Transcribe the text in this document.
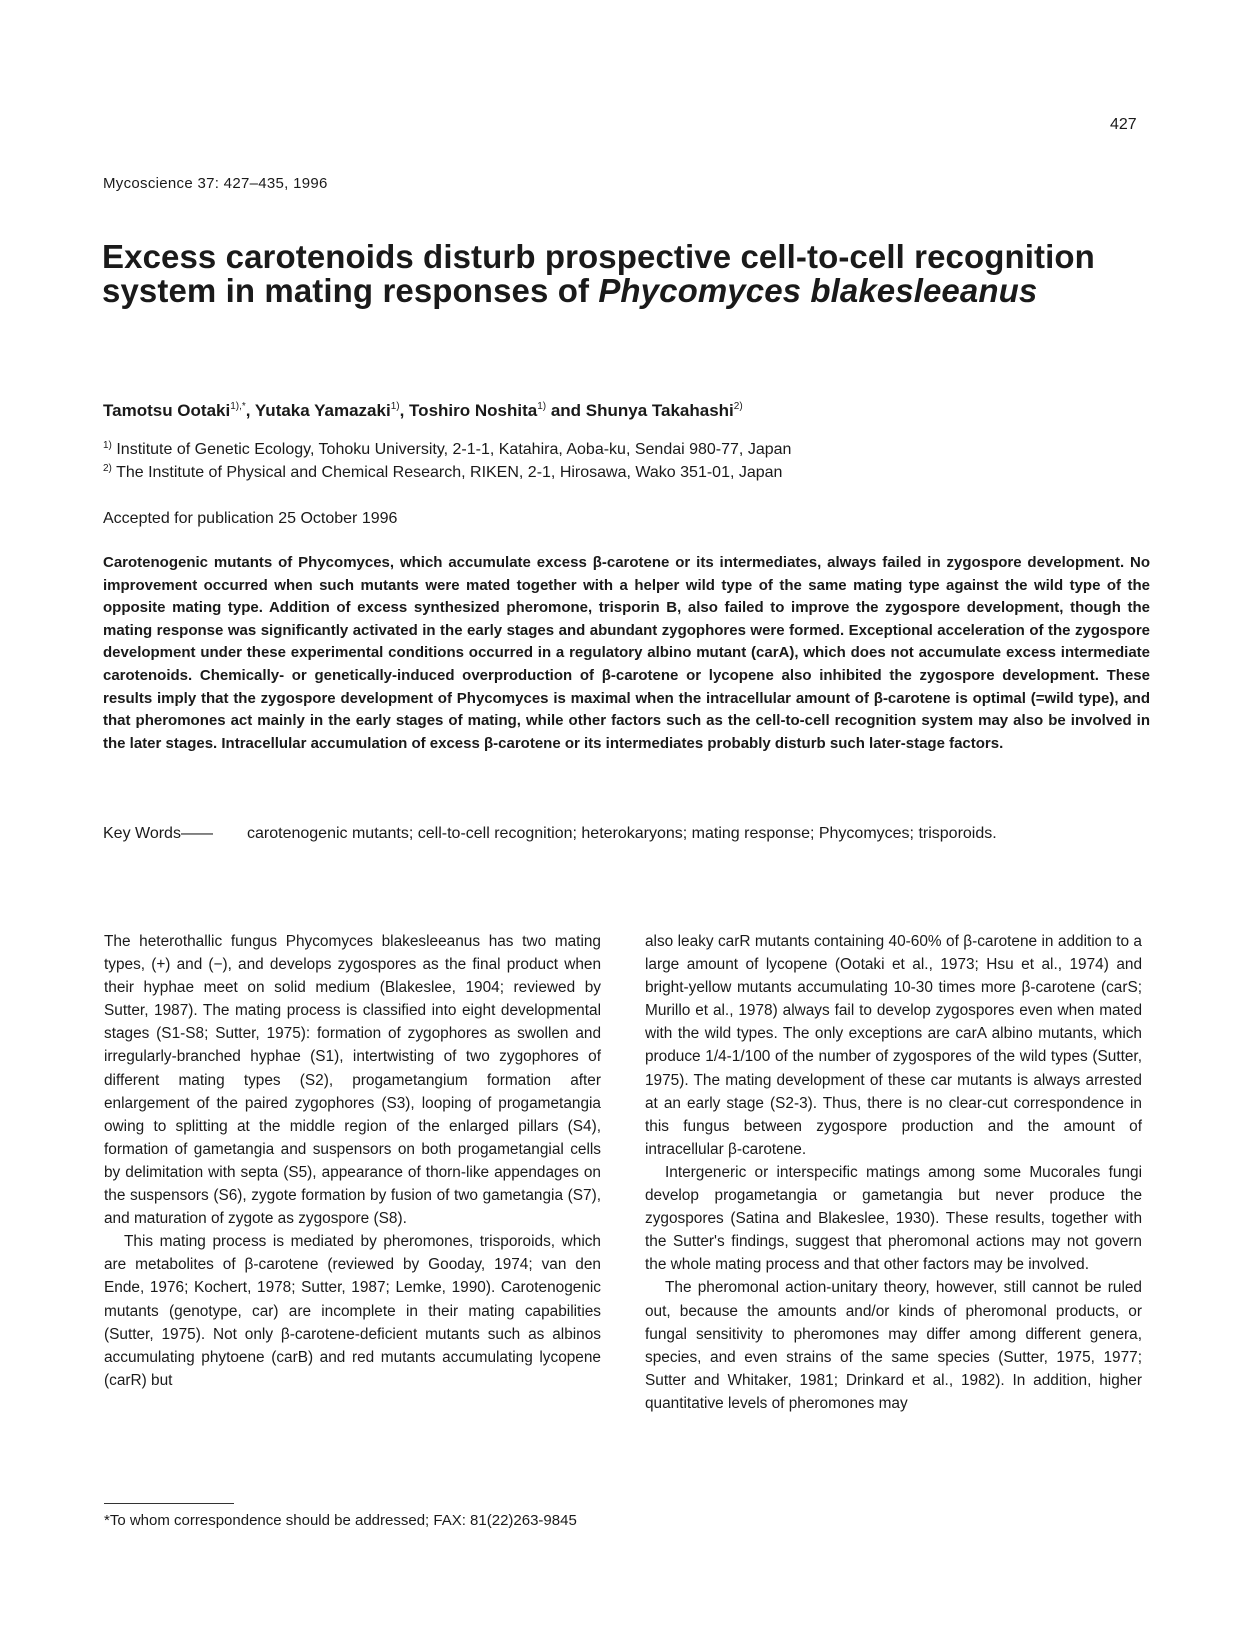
427
Mycoscience 37: 427–435, 1996
Excess carotenoids disturb prospective cell-to-cell recognition system in mating responses of Phycomyces blakesleeanus
Tamotsu Ootaki$^{1),*}$, Yutaka Yamazaki$^{1)}$, Toshiro Noshita$^{1)}$ and Shunya Takahashi$^{2)}$
$^{1)}$ Institute of Genetic Ecology, Tohoku University, 2-1-1, Katahira, Aoba-ku, Sendai 980-77, Japan
$^{2)}$ The Institute of Physical and Chemical Research, RIKEN, 2-1, Hirosawa, Wako 351-01, Japan
Accepted for publication 25 October 1996
Carotenogenic mutants of Phycomyces, which accumulate excess β-carotene or its intermediates, always failed in zygospore development. No improvement occurred when such mutants were mated together with a helper wild type of the same mating type against the wild type of the opposite mating type. Addition of excess synthesized pheromone, trisporin B, also failed to improve the zygospore development, though the mating response was significantly activated in the early stages and abundant zygophores were formed. Exceptional acceleration of the zygospore development under these experimental conditions occurred in a regulatory albino mutant (carA), which does not accumulate excess intermediate carotenoids. Chemically- or genetically-induced overproduction of β-carotene or lycopene also inhibited the zygospore development. These results imply that the zygospore development of Phycomyces is maximal when the intracellular amount of β-carotene is optimal (=wild type), and that pheromones act mainly in the early stages of mating, while other factors such as the cell-to-cell recognition system may also be involved in the later stages. Intracellular accumulation of excess β-carotene or its intermediates probably disturb such later-stage factors.
Key Words—— carotenogenic mutants; cell-to-cell recognition; heterokaryons; mating response; Phycomyces; trisporoids.

The heterothallic fungus Phycomyces blakesleeanus has two mating types, (+) and (−), and develops zygospores as the final product when their hyphae meet on solid medium (Blakeslee, 1904; reviewed by Sutter, 1987). The mating process is classified into eight developmental stages (S1-S8; Sutter, 1975): formation of zygophores as swollen and irregularly-branched hyphae (S1), intertwisting of two zygophores of different mating types (S2), progametangium formation after enlargement of the paired zygophores (S3), looping of progametangia owing to splitting at the middle region of the enlarged pillars (S4), formation of gametangia and suspensors on both progametangial cells by delimitation with septa (S5), appearance of thorn-like appendages on the suspensors (S6), zygote formation by fusion of two gametangia (S7), and maturation of zygote as zygospore (S8).

This mating process is mediated by pheromones, trisporoids, which are metabolites of β-carotene (reviewed by Gooday, 1974; van den Ende, 1976; Kochert, 1978; Sutter, 1987; Lemke, 1990). Carotenogenic mutants (genotype, car) are incomplete in their mating capabilities (Sutter, 1975). Not only β-carotene-deficient mutants such as albinos accumulating phytoene (carB) and red mutants accumulating lycopene (carR) but

also leaky carR mutants containing 40-60% of β-carotene in addition to a large amount of lycopene (Ootaki et al., 1973; Hsu et al., 1974) and bright-yellow mutants accumulating 10-30 times more β-carotene (carS; Murillo et al., 1978) always fail to develop zygospores even when mated with the wild types. The only exceptions are carA albino mutants, which produce 1/4-1/100 of the number of zygospores of the wild types (Sutter, 1975). The mating development of these car mutants is always arrested at an early stage (S2-3). Thus, there is no clear-cut correspondence in this fungus between zygospore production and the amount of intracellular β-carotene.

Intergeneric or interspecific matings among some Mucorales fungi develop progametangia or gametangia but never produce the zygospores (Satina and Blakeslee, 1930). These results, together with the Sutter's findings, suggest that pheromonal actions may not govern the whole mating process and that other factors may be involved.

The pheromonal action-unitary theory, however, still cannot be ruled out, because the amounts and/or kinds of pheromonal products, or fungal sensitivity to pheromones may differ among different genera, species, and even strains of the same species (Sutter, 1975, 1977; Sutter and Whitaker, 1981; Drinkard et al., 1982). In addition, higher quantitative levels of pheromones may

*To whom correspondence should be addressed; FAX: 81(22)263-9845
